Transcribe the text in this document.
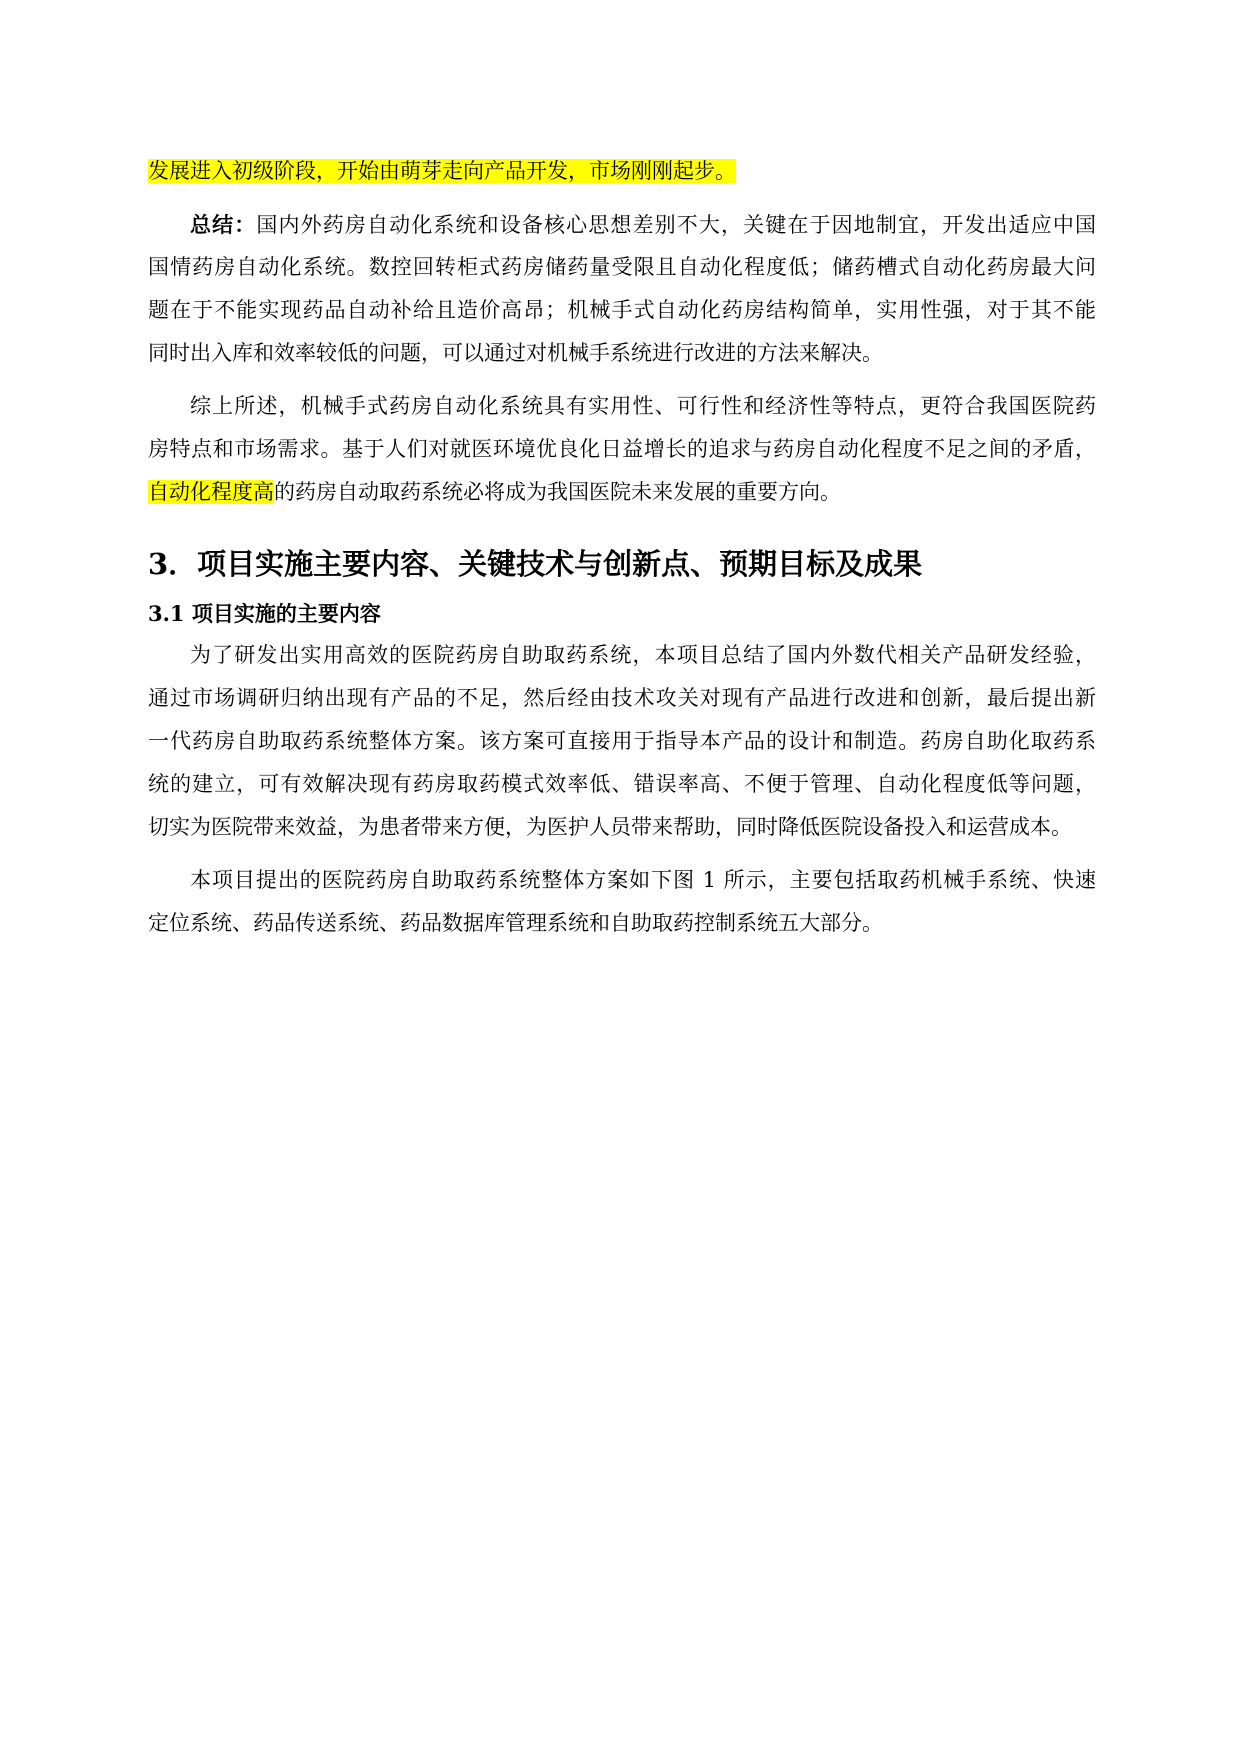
发展进入初级阶段，开始由萌芽走向产品开发，市场刚刚起步。
总结：国内外药房自动化系统和设备核心思想差别不大，关键在于因地制宜，开发出适应中国
国情药房自动化系统。数控回转柜式药房储药量受限且自动化程度低；储药槽式自动化药房最大问
题在于不能实现药品自动补给且造价高昂；机械手式自动化药房结构简单，实用性强，对于其不能
同时出入库和效率较低的问题，可以通过对机械手系统进行改进的方法来解决。
综上所述，机械手式药房自动化系统具有实用性、可行性和经济性等特点，更符合我国医院药
房特点和市场需求。基于人们对就医环境优良化日益增长的追求与药房自动化程度不足之间的矛盾，
自动化程度高的药房自动取药系统必将成为我国医院未来发展的重要方向。
3．项目实施主要内容、关键技术与创新点、预期目标及成果
3.1 项目实施的主要内容
为了研发出实用高效的医院药房自助取药系统，本项目总结了国内外数代相关产品研发经验，
通过市场调研归纳出现有产品的不足，然后经由技术攻关对现有产品进行改进和创新，最后提出新
一代药房自助取药系统整体方案。该方案可直接用于指导本产品的设计和制造。药房自助化取药系
统的建立，可有效解决现有药房取药模式效率低、错误率高、不便于管理、自动化程度低等问题，
切实为医院带来效益，为患者带来方便，为医护人员带来帮助，同时降低医院设备投入和运营成本。
本项目提出的医院药房自助取药系统整体方案如下图 1 所示，主要包括取药机械手系统、快速
定位系统、药品传送系统、药品数据库管理系统和自助取药控制系统五大部分。
